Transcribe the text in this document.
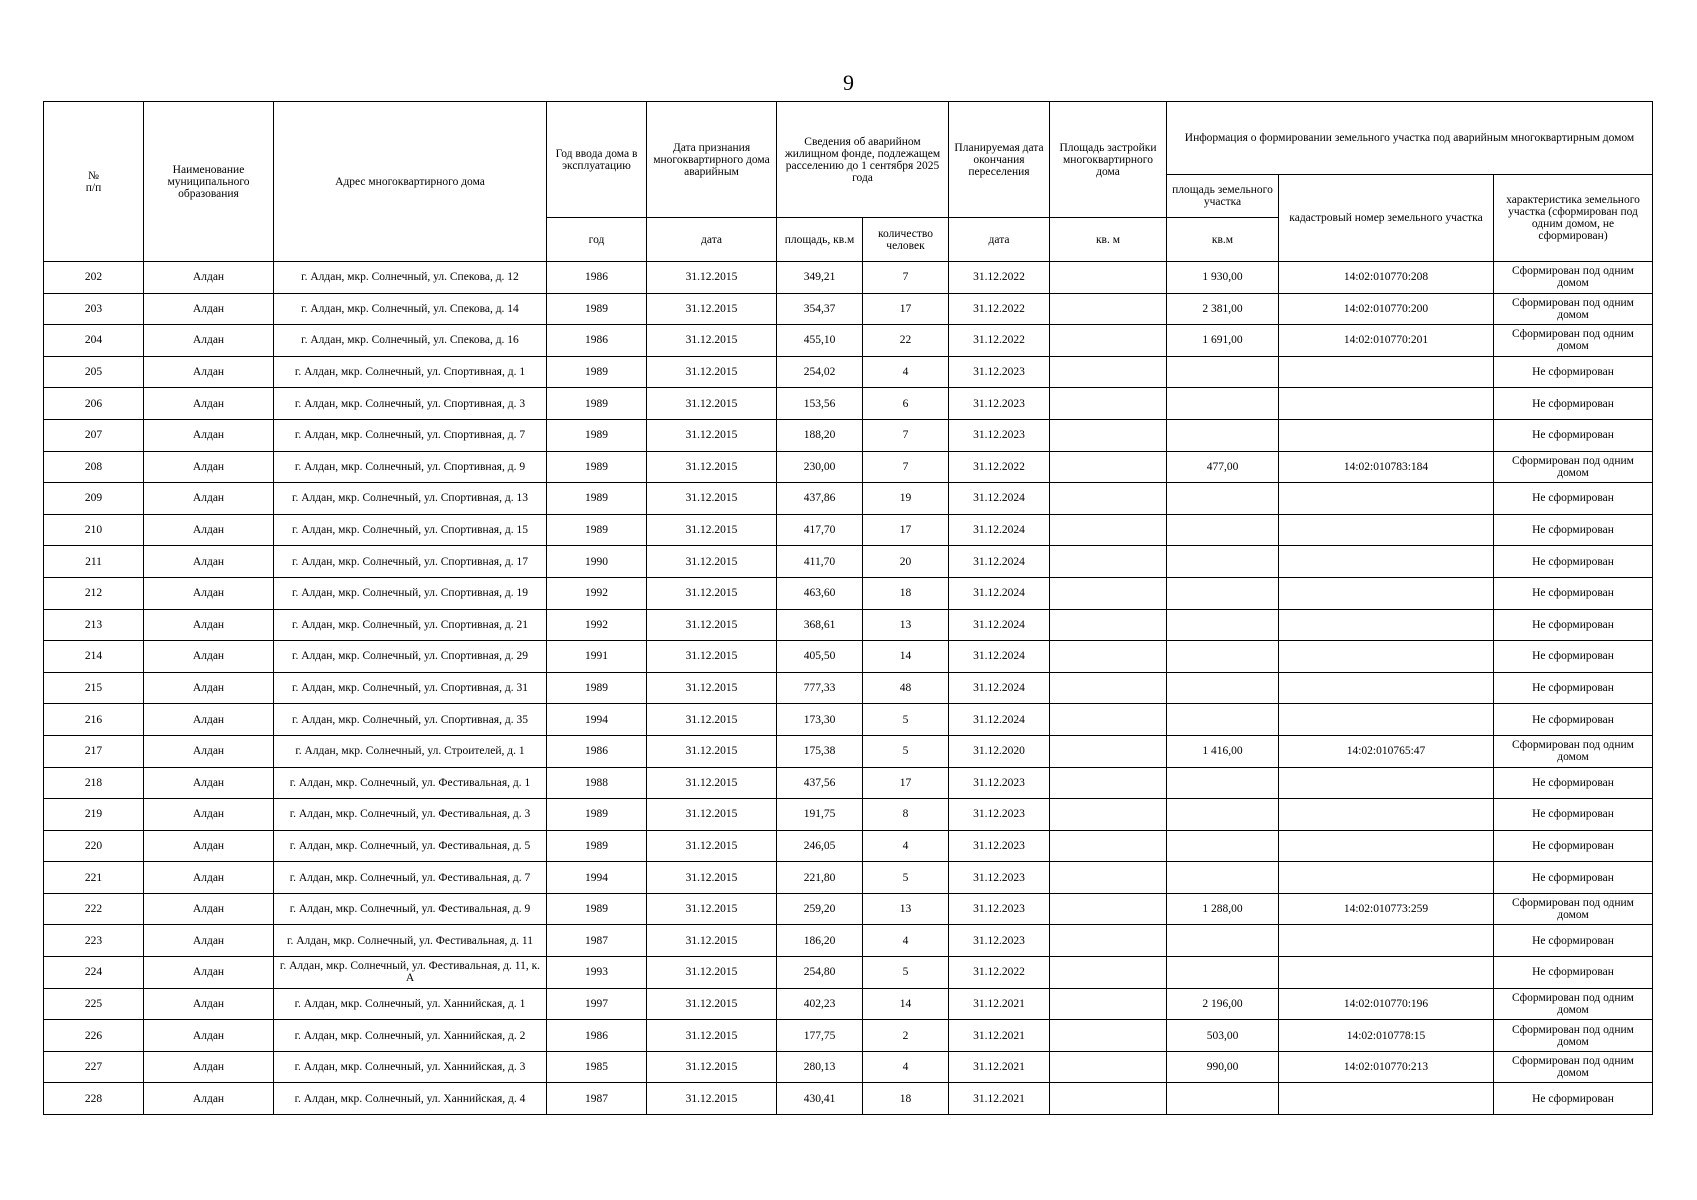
9
№
п/п	Наименование муниципального образования	Адрес многоквартирного дома	Год ввода дома в эксплуатацию	Дата признания многоквартирного дома аварийным	Сведения об аварийном жилищном фонде, подлежащем расселению до 1 сентября 2025 года		Планируемая дата окончания переселения	Площадь застройки многоквартирного дома	Информация о формировании земельного участка под аварийным многоквартирным домом		
									площадь земельного участка	кадастровый номер земельного участка	характеристика земельного участка (сформирован под одним домом, не сформирован)
			год	дата	площадь, кв.м	количество человек	дата	кв. м	кв.м		
202	Алдан	г. Алдан, мкр. Солнечный, ул. Спекова, д. 12	1986	31.12.2015	349,21	7	31.12.2022		1 930,00	14:02:010770:208	Сформирован под одним домом
203	Алдан	г. Алдан, мкр. Солнечный, ул. Спекова, д. 14	1989	31.12.2015	354,37	17	31.12.2022		2 381,00	14:02:010770:200	Сформирован под одним домом
204	Алдан	г. Алдан, мкр. Солнечный, ул. Спекова, д. 16	1986	31.12.2015	455,10	22	31.12.2022		1 691,00	14:02:010770:201	Сформирован под одним домом
205	Алдан	г. Алдан, мкр. Солнечный, ул. Спортивная, д. 1	1989	31.12.2015	254,02	4	31.12.2023				Не сформирован
206	Алдан	г. Алдан, мкр. Солнечный, ул. Спортивная, д. 3	1989	31.12.2015	153,56	6	31.12.2023				Не сформирован
207	Алдан	г. Алдан, мкр. Солнечный, ул. Спортивная, д. 7	1989	31.12.2015	188,20	7	31.12.2023				Не сформирован
208	Алдан	г. Алдан, мкр. Солнечный, ул. Спортивная, д. 9	1989	31.12.2015	230,00	7	31.12.2022		477,00	14:02:010783:184	Сформирован под одним домом
209	Алдан	г. Алдан, мкр. Солнечный, ул. Спортивная, д. 13	1989	31.12.2015	437,86	19	31.12.2024				Не сформирован
210	Алдан	г. Алдан, мкр. Солнечный, ул. Спортивная, д. 15	1989	31.12.2015	417,70	17	31.12.2024				Не сформирован
211	Алдан	г. Алдан, мкр. Солнечный, ул. Спортивная, д. 17	1990	31.12.2015	411,70	20	31.12.2024				Не сформирован
212	Алдан	г. Алдан, мкр. Солнечный, ул. Спортивная, д. 19	1992	31.12.2015	463,60	18	31.12.2024				Не сформирован
213	Алдан	г. Алдан, мкр. Солнечный, ул. Спортивная, д. 21	1992	31.12.2015	368,61	13	31.12.2024				Не сформирован
214	Алдан	г. Алдан, мкр. Солнечный, ул. Спортивная, д. 29	1991	31.12.2015	405,50	14	31.12.2024				Не сформирован
215	Алдан	г. Алдан, мкр. Солнечный, ул. Спортивная, д. 31	1989	31.12.2015	777,33	48	31.12.2024				Не сформирован
216	Алдан	г. Алдан, мкр. Солнечный, ул. Спортивная, д. 35	1994	31.12.2015	173,30	5	31.12.2024				Не сформирован
217	Алдан	г. Алдан, мкр. Солнечный, ул. Строителей, д. 1	1986	31.12.2015	175,38	5	31.12.2020		1 416,00	14:02:010765:47	Сформирован под одним домом
218	Алдан	г. Алдан, мкр. Солнечный, ул. Фестивальная, д. 1	1988	31.12.2015	437,56	17	31.12.2023				Не сформирован
219	Алдан	г. Алдан, мкр. Солнечный, ул. Фестивальная, д. 3	1989	31.12.2015	191,75	8	31.12.2023				Не сформирован
220	Алдан	г. Алдан, мкр. Солнечный, ул. Фестивальная, д. 5	1989	31.12.2015	246,05	4	31.12.2023				Не сформирован
221	Алдан	г. Алдан, мкр. Солнечный, ул. Фестивальная, д. 7	1994	31.12.2015	221,80	5	31.12.2023				Не сформирован
222	Алдан	г. Алдан, мкр. Солнечный, ул. Фестивальная, д. 9	1989	31.12.2015	259,20	13	31.12.2023		1 288,00	14:02:010773:259	Сформирован под одним домом
223	Алдан	г. Алдан, мкр. Солнечный, ул. Фестивальная, д. 11	1987	31.12.2015	186,20	4	31.12.2023				Не сформирован
224	Алдан	г. Алдан, мкр. Солнечный, ул. Фестивальная, д. 11, к. А	1993	31.12.2015	254,80	5	31.12.2022				Не сформирован
225	Алдан	г. Алдан, мкр. Солнечный, ул. Ханнийская, д. 1	1997	31.12.2015	402,23	14	31.12.2021		2 196,00	14:02:010770:196	Сформирован под одним домом
226	Алдан	г. Алдан, мкр. Солнечный, ул. Ханнийская, д. 2	1986	31.12.2015	177,75	2	31.12.2021		503,00	14:02:010778:15	Сформирован под одним домом
227	Алдан	г. Алдан, мкр. Солнечный, ул. Ханнийская, д. 3	1985	31.12.2015	280,13	4	31.12.2021		990,00	14:02:010770:213	Сформирован под одним домом
228	Алдан	г. Алдан, мкр. Солнечный, ул. Ханнийская, д. 4	1987	31.12.2015	430,41	18	31.12.2021				Не сформирован
